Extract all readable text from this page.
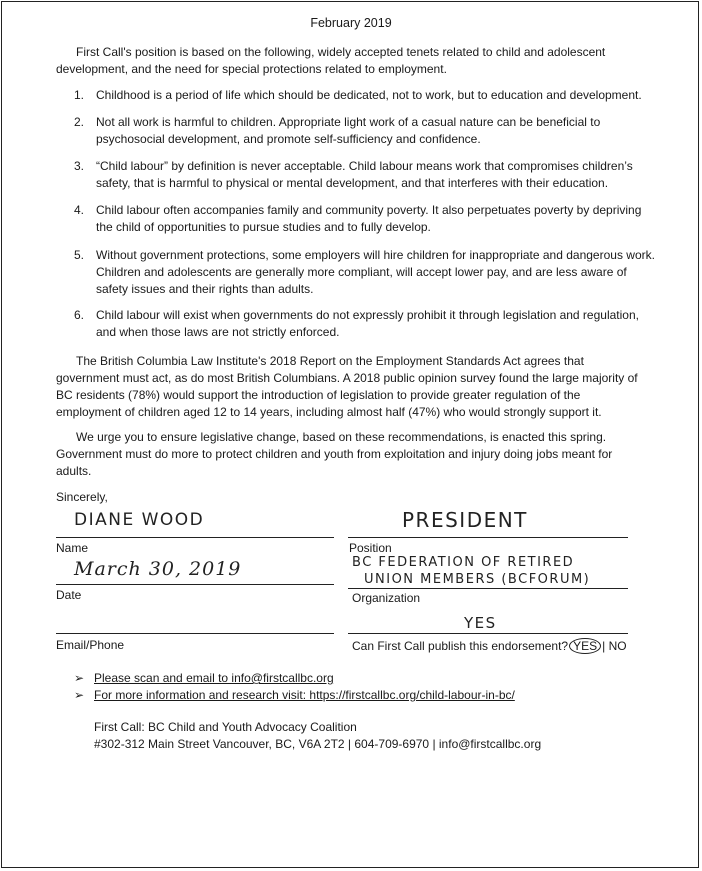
February 2019
First Call's position is based on the following, widely accepted tenets related to child and adolescent development, and the need for special protections related to employment.
1. Childhood is a period of life which should be dedicated, not to work, but to education and development.
2. Not all work is harmful to children. Appropriate light work of a casual nature can be beneficial to psychosocial development, and promote self-sufficiency and confidence.
3. “Child labour” by definition is never acceptable. Child labour means work that compromises children’s safety, that is harmful to physical or mental development, and that interferes with their education.
4. Child labour often accompanies family and community poverty. It also perpetuates poverty by depriving the child of opportunities to pursue studies and to fully develop.
5. Without government protections, some employers will hire children for inappropriate and dangerous work. Children and adolescents are generally more compliant, will accept lower pay, and are less aware of safety issues and their rights than adults.
6. Child labour will exist when governments do not expressly prohibit it through legislation and regulation, and when those laws are not strictly enforced.
The British Columbia Law Institute's 2018 Report on the Employment Standards Act agrees that government must act, as do most British Columbians. A 2018 public opinion survey found the large majority of BC residents (78%) would support the introduction of legislation to provide greater regulation of the employment of children aged 12 to 14 years, including almost half (47%) who would strongly support it.
We urge you to ensure legislative change, based on these recommendations, is enacted this spring. Government must do more to protect children and youth from exploitation and injury doing jobs meant for adults.
Sincerely,
DIANE WOOD
Name
PRESIDENT
Position
March 30, 2019
Date
BC FEDERATION OF RETIRED
UNION MEMBERS (BCFORUM)
Organization
Email/Phone
YES
Can First Call publish this endorsement? YES | NO
➢ Please scan and email to info@firstcallbc.org
➢ For more information and research visit: https://firstcallbc.org/child-labour-in-bc/
First Call: BC Child and Youth Advocacy Coalition
#302-312 Main Street Vancouver, BC, V6A 2T2 | 604-709-6970 | info@firstcallbc.org
